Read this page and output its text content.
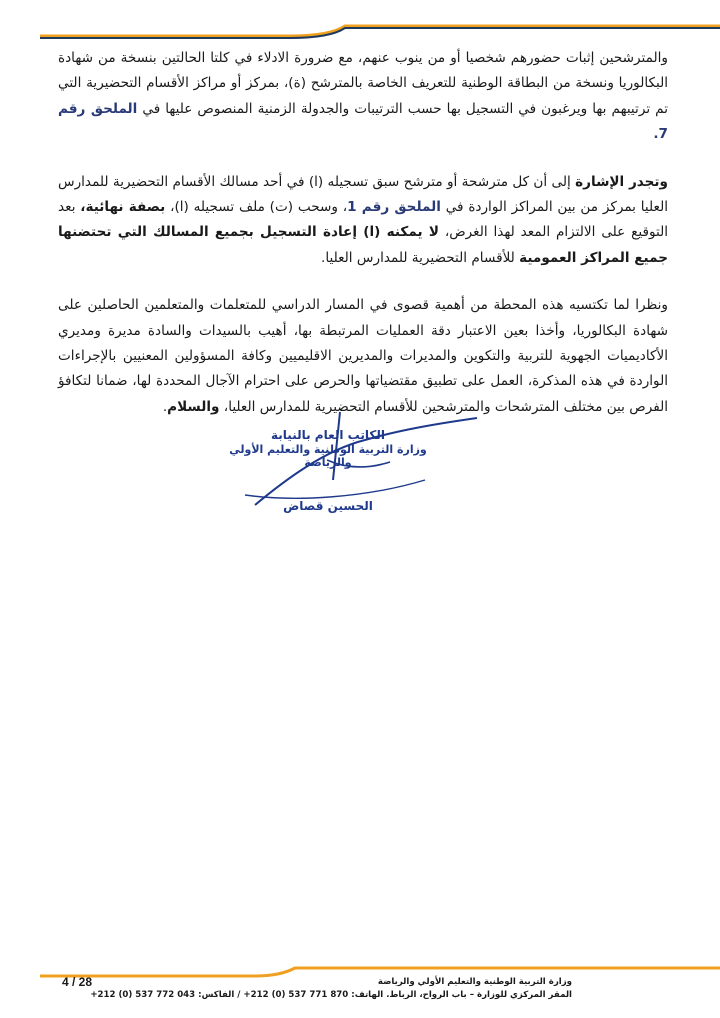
والمترشحين إثبات حضورهم شخصيا أو من ينوب عنهم، مع ضرورة الادلاء في كلتا الحالتين بنسخة من شهادة البكالوريا ونسخة من البطاقة الوطنية للتعريف الخاصة بالمترشح (ة)، بمركز أو مراكز الأقسام التحضيرية التي تم ترتيبهم بها ويرغبون في التسجيل بها حسب الترتيبات والجدولة الزمنية المنصوص عليها في الملحق رقم 7.

وتجدر الإشارة إلى أن كل مترشحة أو مترشح سبق تسجيله (ا) في أحد مسالك الأقسام التحضيرية للمدارس العليا بمركز من بين المراكز الواردة في الملحق رقم 1، وسحب (ت) ملف تسجيله (ا)، بصفة نهائية، بعد التوقيع على الالتزام المعد لهذا الغرض، لا يمكنه (ا) إعادة التسجيل بجميع المسالك التي تحتضنها جميع المراكز العمومية للأقسام التحضيرية للمدارس العليا.

ونظرا لما تكتسيه هذه المحطة من أهمية قصوى في المسار الدراسي للمتعلمات والمتعلمين الحاصلين على شهادة البكالوريا، وأخذا بعين الاعتبار دقة العمليات المرتبطة بها، أهيب بالسيدات والسادة مديرة ومديري الأكاديميات الجهوية للتربية والتكوين والمديرات والمديرين الاقليميين وكافة المسؤولين المعنيين بالإجراءات الواردة في هذه المذكرة، العمل على تطبيق مقتضياتها والحرص على احترام الآجال المحددة لها، ضمانا لتكافؤ الفرص بين مختلف المترشحات والمترشحين للأقسام التحضيرية للمدارس العليا، والسلام.

الكاتب العام بالنيابة
وزارة التربية الوطنية والتعليم الأولي
والرياضة
الحسين قصاض
4 / 28	وزارة التربية الوطنية والتعليم الأولي والرياضة
المقر المركزي للوزارة – باب الرواح، الرباط. الهاتف: 870 771 537 (0) 212+ / الفاكس: 043 772 537 (0) 212+
